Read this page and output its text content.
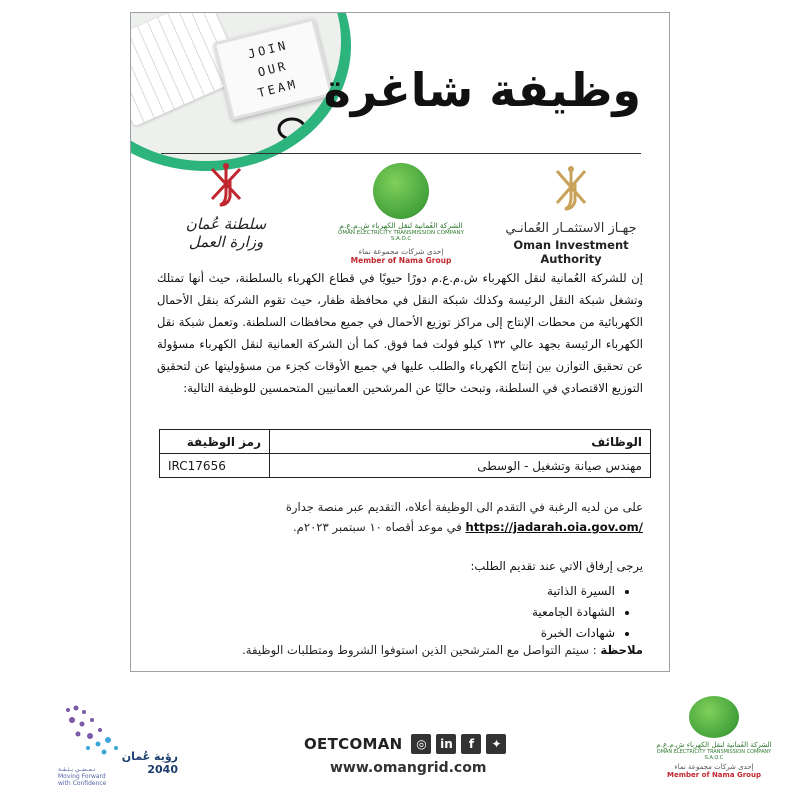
JOIN
OUR
TEAM وظيفة شاغرة
جهـاز الاستثمـار العُمانـي
Oman Investment Authority
الشركة العُمانية لنقل الكهرباء ش.م.ع.م
OMAN ELECTRICITY TRANSMISSION COMPANY S.A.O.C
إحدى شركات مجموعة نماء
Member of Nama Group
سلطنة عُمان
وزارة العمل

إن للشركة العُمانية لنقل الكهرباء ش.م.ع.م دورًا حيويًا في قطاع الكهرباء بالسلطنة، حيث أنها تمتلك وتشغل شبكة النقل الرئيسة وكذلك شبكة النقل في محافظة ظفار، حيث تقوم الشركة بنقل الأحمال الكهربائية من محطات الإنتاج إلى مراكز توزيع الأحمال في جميع محافظات السلطنة. وتعمل شبكة نقل الكهرباء الرئيسة بجهد عالي ١٣٢ كيلو فولت فما فوق. كما أن الشركة العمانية لنقل الكهرباء مسؤولة عن تحقيق التوازن بين إنتاج الكهرباء والطلب عليها في جميع الأوقات كجزء من مسؤوليتها عن لتحقيق التوزيع الاقتصادي في السلطنة، وتبحث حاليًا عن المرشحين العمانيين المتحمسين للوظيفة التالية:

الوظائف	رمز الوظيفة
مهندس صيانة وتشغيل - الوسطى	IRC17656
على من لديه الرغبة في التقدم الى الوظيفة أعلاه، التقديم عبر منصة جدارة
https://jadarah.oia.gov.om/ في موعد أقصاه ١٠ سبتمبر ٢٠٢٣م.
يرجى إرفاق الاتي عند تقديم الطلب:
• السيرة الذاتية
• الشهادة الجامعية
• شهادات الخبرة
ملاحظة : سيتم التواصل مع المترشحين الذين استوفوا الشروط ومتطلبات الوظيفة.
رؤية عُمان 2040
نـمـضـي بـثـقـة
Moving Forward
with Confidence
OETCOMAN	◎	in	f	✦
www.omangrid.com
الشركة العُمانية لنقل الكهرباء ش.م.ع.م
OMAN ELECTRICITY TRANSMISSION COMPANY S.A.O.C
إحدى شركات مجموعة نماء
Member of Nama Group
